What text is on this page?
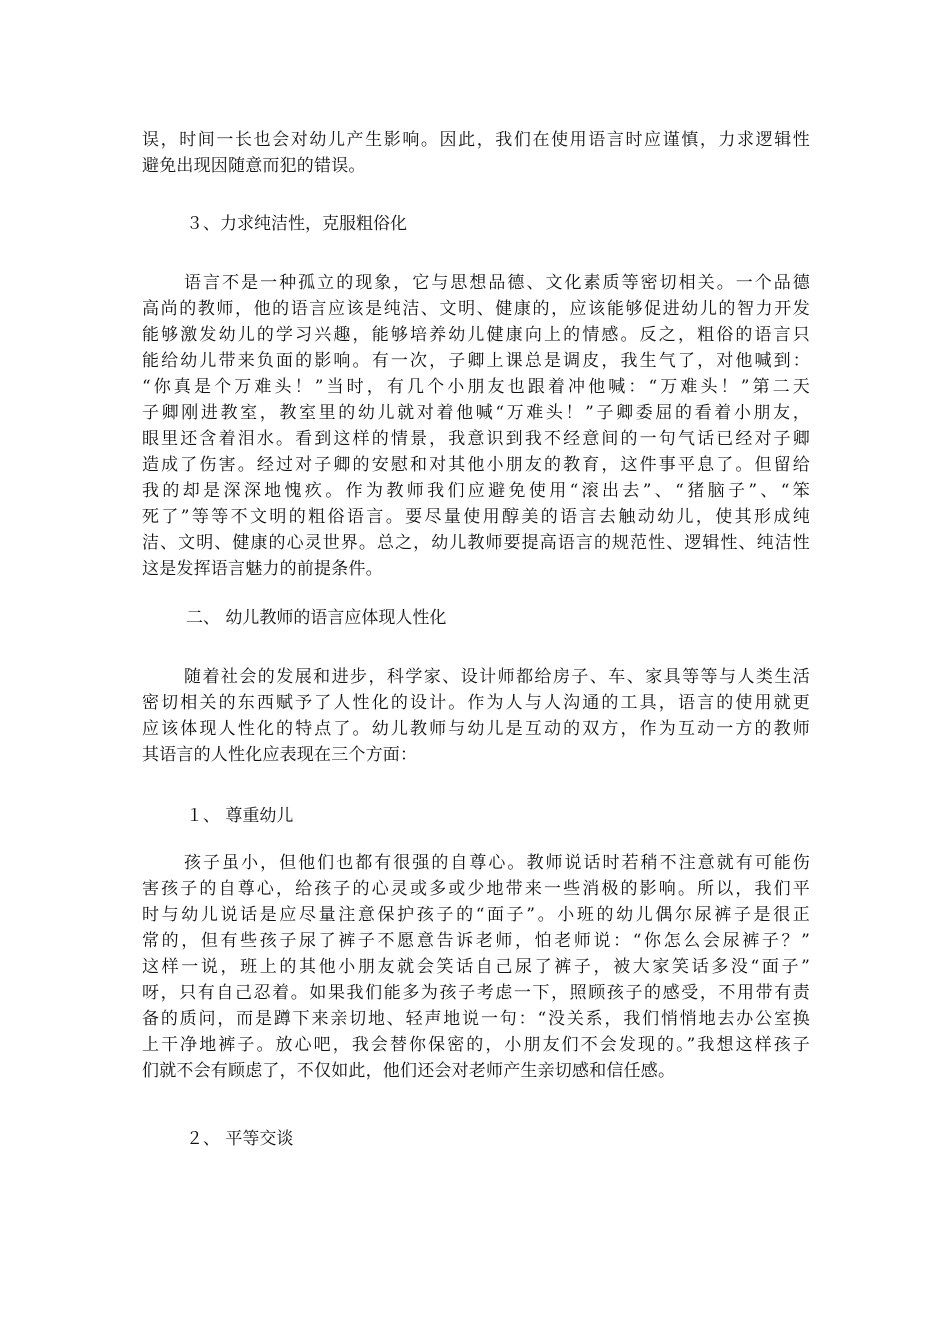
误，时间一长也会对幼儿产生影响。因此，我们在使用语言时应谨慎，力求逻辑性
避免出现因随意而犯的错误。

３、力求纯洁性，克服粗俗化

语言不是一种孤立的现象，它与思想品德、文化素质等密切相关。一个品德
高尚的教师，他的语言应该是纯洁、文明、健康的，应该能够促进幼儿的智力开发
能够激发幼儿的学习兴趣，能够培养幼儿健康向上的情感。反之，粗俗的语言只
能给幼儿带来负面的影响。有一次，子卿上课总是调皮，我生气了，对他喊到：
“你真是个万难头！”当时，有几个小朋友也跟着冲他喊：“万难头！”第二天
子卿刚进教室，教室里的幼儿就对着他喊“万难头！”子卿委屈的看着小朋友，
眼里还含着泪水。看到这样的情景，我意识到我不经意间的一句气话已经对子卿
造成了伤害。经过对子卿的安慰和对其他小朋友的教育，这件事平息了。但留给
我的却是深深地愧疚。作为教师我们应避免使用“滚出去”、“猪脑子”、“笨
死了”等等不文明的粗俗语言。要尽量使用醇美的语言去触动幼儿，使其形成纯
洁、文明、健康的心灵世界。总之，幼儿教师要提高语言的规范性、逻辑性、纯洁性
这是发挥语言魅力的前提条件。

二、 幼儿教师的语言应体现人性化

随着社会的发展和进步，科学家、设计师都给房子、车、家具等等与人类生活
密切相关的东西赋予了人性化的设计。作为人与人沟通的工具，语言的使用就更
应该体现人性化的特点了。幼儿教师与幼儿是互动的双方，作为互动一方的教师
其语言的人性化应表现在三个方面：

１、 尊重幼儿

孩子虽小，但他们也都有很强的自尊心。教师说话时若稍不注意就有可能伤
害孩子的自尊心，给孩子的心灵或多或少地带来一些消极的影响。所以，我们平
时与幼儿说话是应尽量注意保护孩子的“面子”。小班的幼儿偶尔尿裤子是很正
常的，但有些孩子尿了裤子不愿意告诉老师，怕老师说：“你怎么会尿裤子？”
这样一说，班上的其他小朋友就会笑话自己尿了裤子，被大家笑话多没“面子”
呀，只有自己忍着。如果我们能多为孩子考虑一下，照顾孩子的感受，不用带有责
备的质问，而是蹲下来亲切地、轻声地说一句：“没关系，我们悄悄地去办公室换
上干净地裤子。放心吧，我会替你保密的，小朋友们不会发现的。”我想这样孩子
们就不会有顾虑了，不仅如此，他们还会对老师产生亲切感和信任感。

２、 平等交谈
